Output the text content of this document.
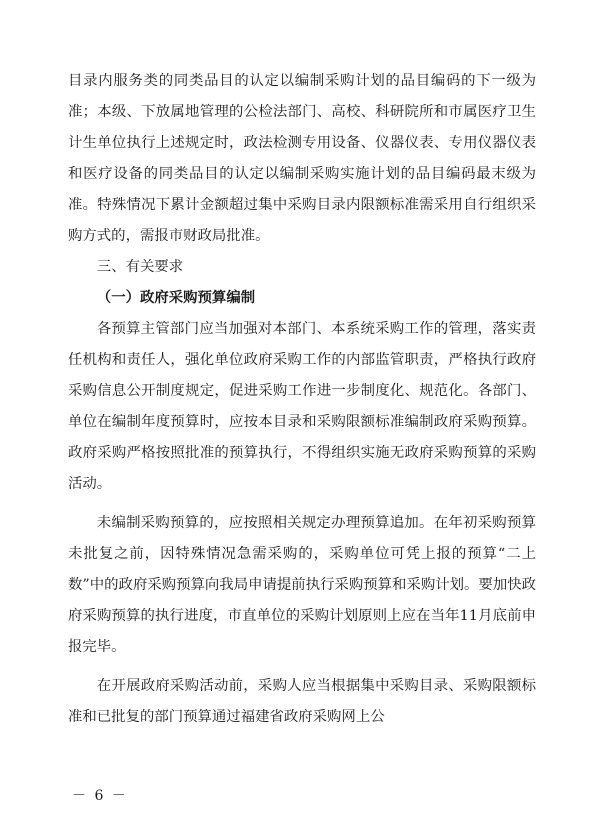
目录内服务类的同类品目的认定以编制采购计划的品目编码的下一级为准；本级、下放属地管理的公检法部门、高校、科研院所和市属医疗卫生计生单位执行上述规定时，政法检测专用设备、仪器仪表、专用仪器仪表和医疗设备的同类品目的认定以编制采购实施计划的品目编码最末级为准。特殊情况下累计金额超过集中采购目录内限额标准需采用自行组织采购方式的，需报市财政局批准。

三、有关要求

（一）政府采购预算编制

各预算主管部门应当加强对本部门、本系统采购工作的管理，落实责任机构和责任人，强化单位政府采购工作的内部监管职责，严格执行政府采购信息公开制度规定，促进采购工作进一步制度化、规范化。各部门、单位在编制年度预算时，应按本目录和采购限额标准编制政府采购预算。政府采购严格按照批准的预算执行，不得组织实施无政府采购预算的采购活动。

未编制采购预算的，应按照相关规定办理预算追加。在年初采购预算未批复之前，因特殊情况急需采购的，采购单位可凭上报的预算“二上数”中的政府采购预算向我局申请提前执行采购预算和采购计划。要加快政府采购预算的执行进度，市直单位的采购计划原则上应在当年11月底前申报完毕。

在开展政府采购活动前，采购人应当根据集中采购目录、采购限额标准和已批复的部门预算通过福建省政府采购网上公

－ 6 －
